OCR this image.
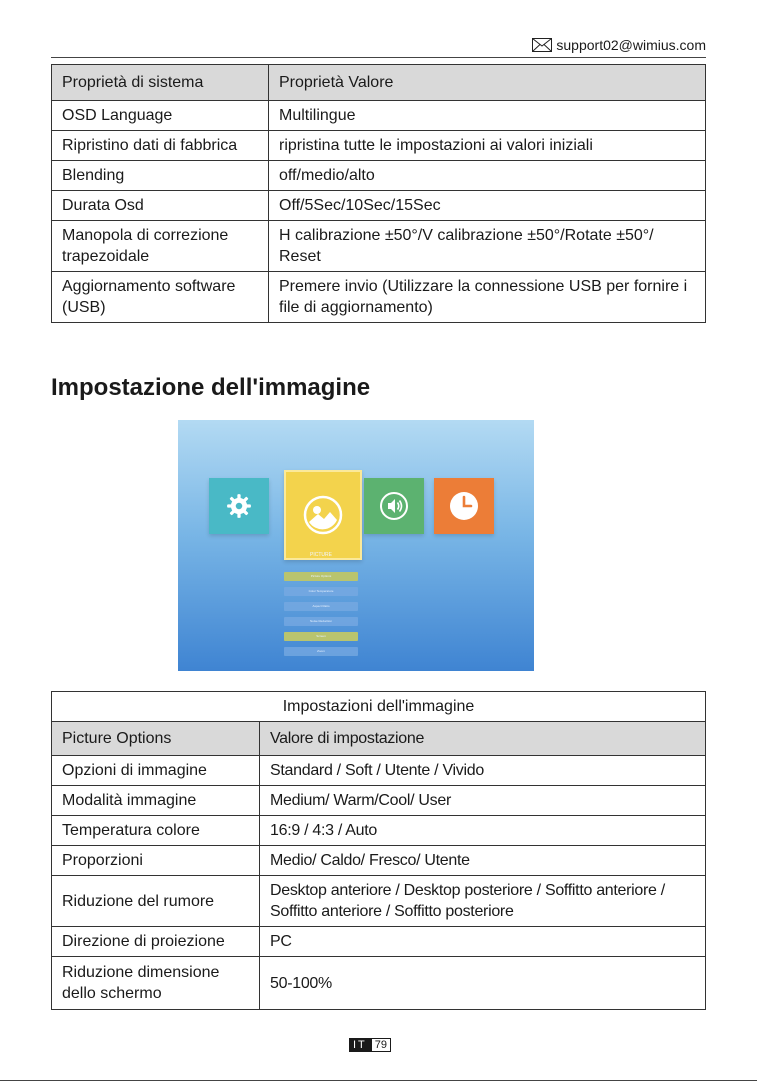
support02@wimius.com
Proprietà di sistema	Proprietà Valore
OSD Language	Multilingue
Ripristino dati di fabbrica	ripristina tutte le impostazioni ai valori iniziali
Blending	off/medio/alto
Durata Osd	Off/5Sec/10Sec/15Sec
Manopola di correzione trapezoidale	H calibrazione ±50°/V calibrazione ±50°/Rotate ±50°/ Reset
Aggiornamento software (USB)	Premere invio (Utilizzare la connessione USB per fornire i file di aggiornamento)
Impostazione dell'immagine
PICTURE
Picture Options
Color Temperature
Aspect Ratio
Noise Reduction
Screen
Zoom
Impostazioni dell'immagine	
Picture Options	Valore di impostazione
Opzioni di immagine	Standard / Soft / Utente / Vivido
Modalità immagine	Medium/ Warm/Cool/ User
Temperatura colore	16:9 / 4:3 / Auto
Proporzioni	Medio/ Caldo/ Fresco/ Utente
Riduzione del rumore	Desktop anteriore / Desktop posteriore / Soffitto anteriore / Soffitto anteriore / Soffitto posteriore
Direzione di proiezione	PC
Riduzione dimensione dello schermo	50-100%
IT 79
